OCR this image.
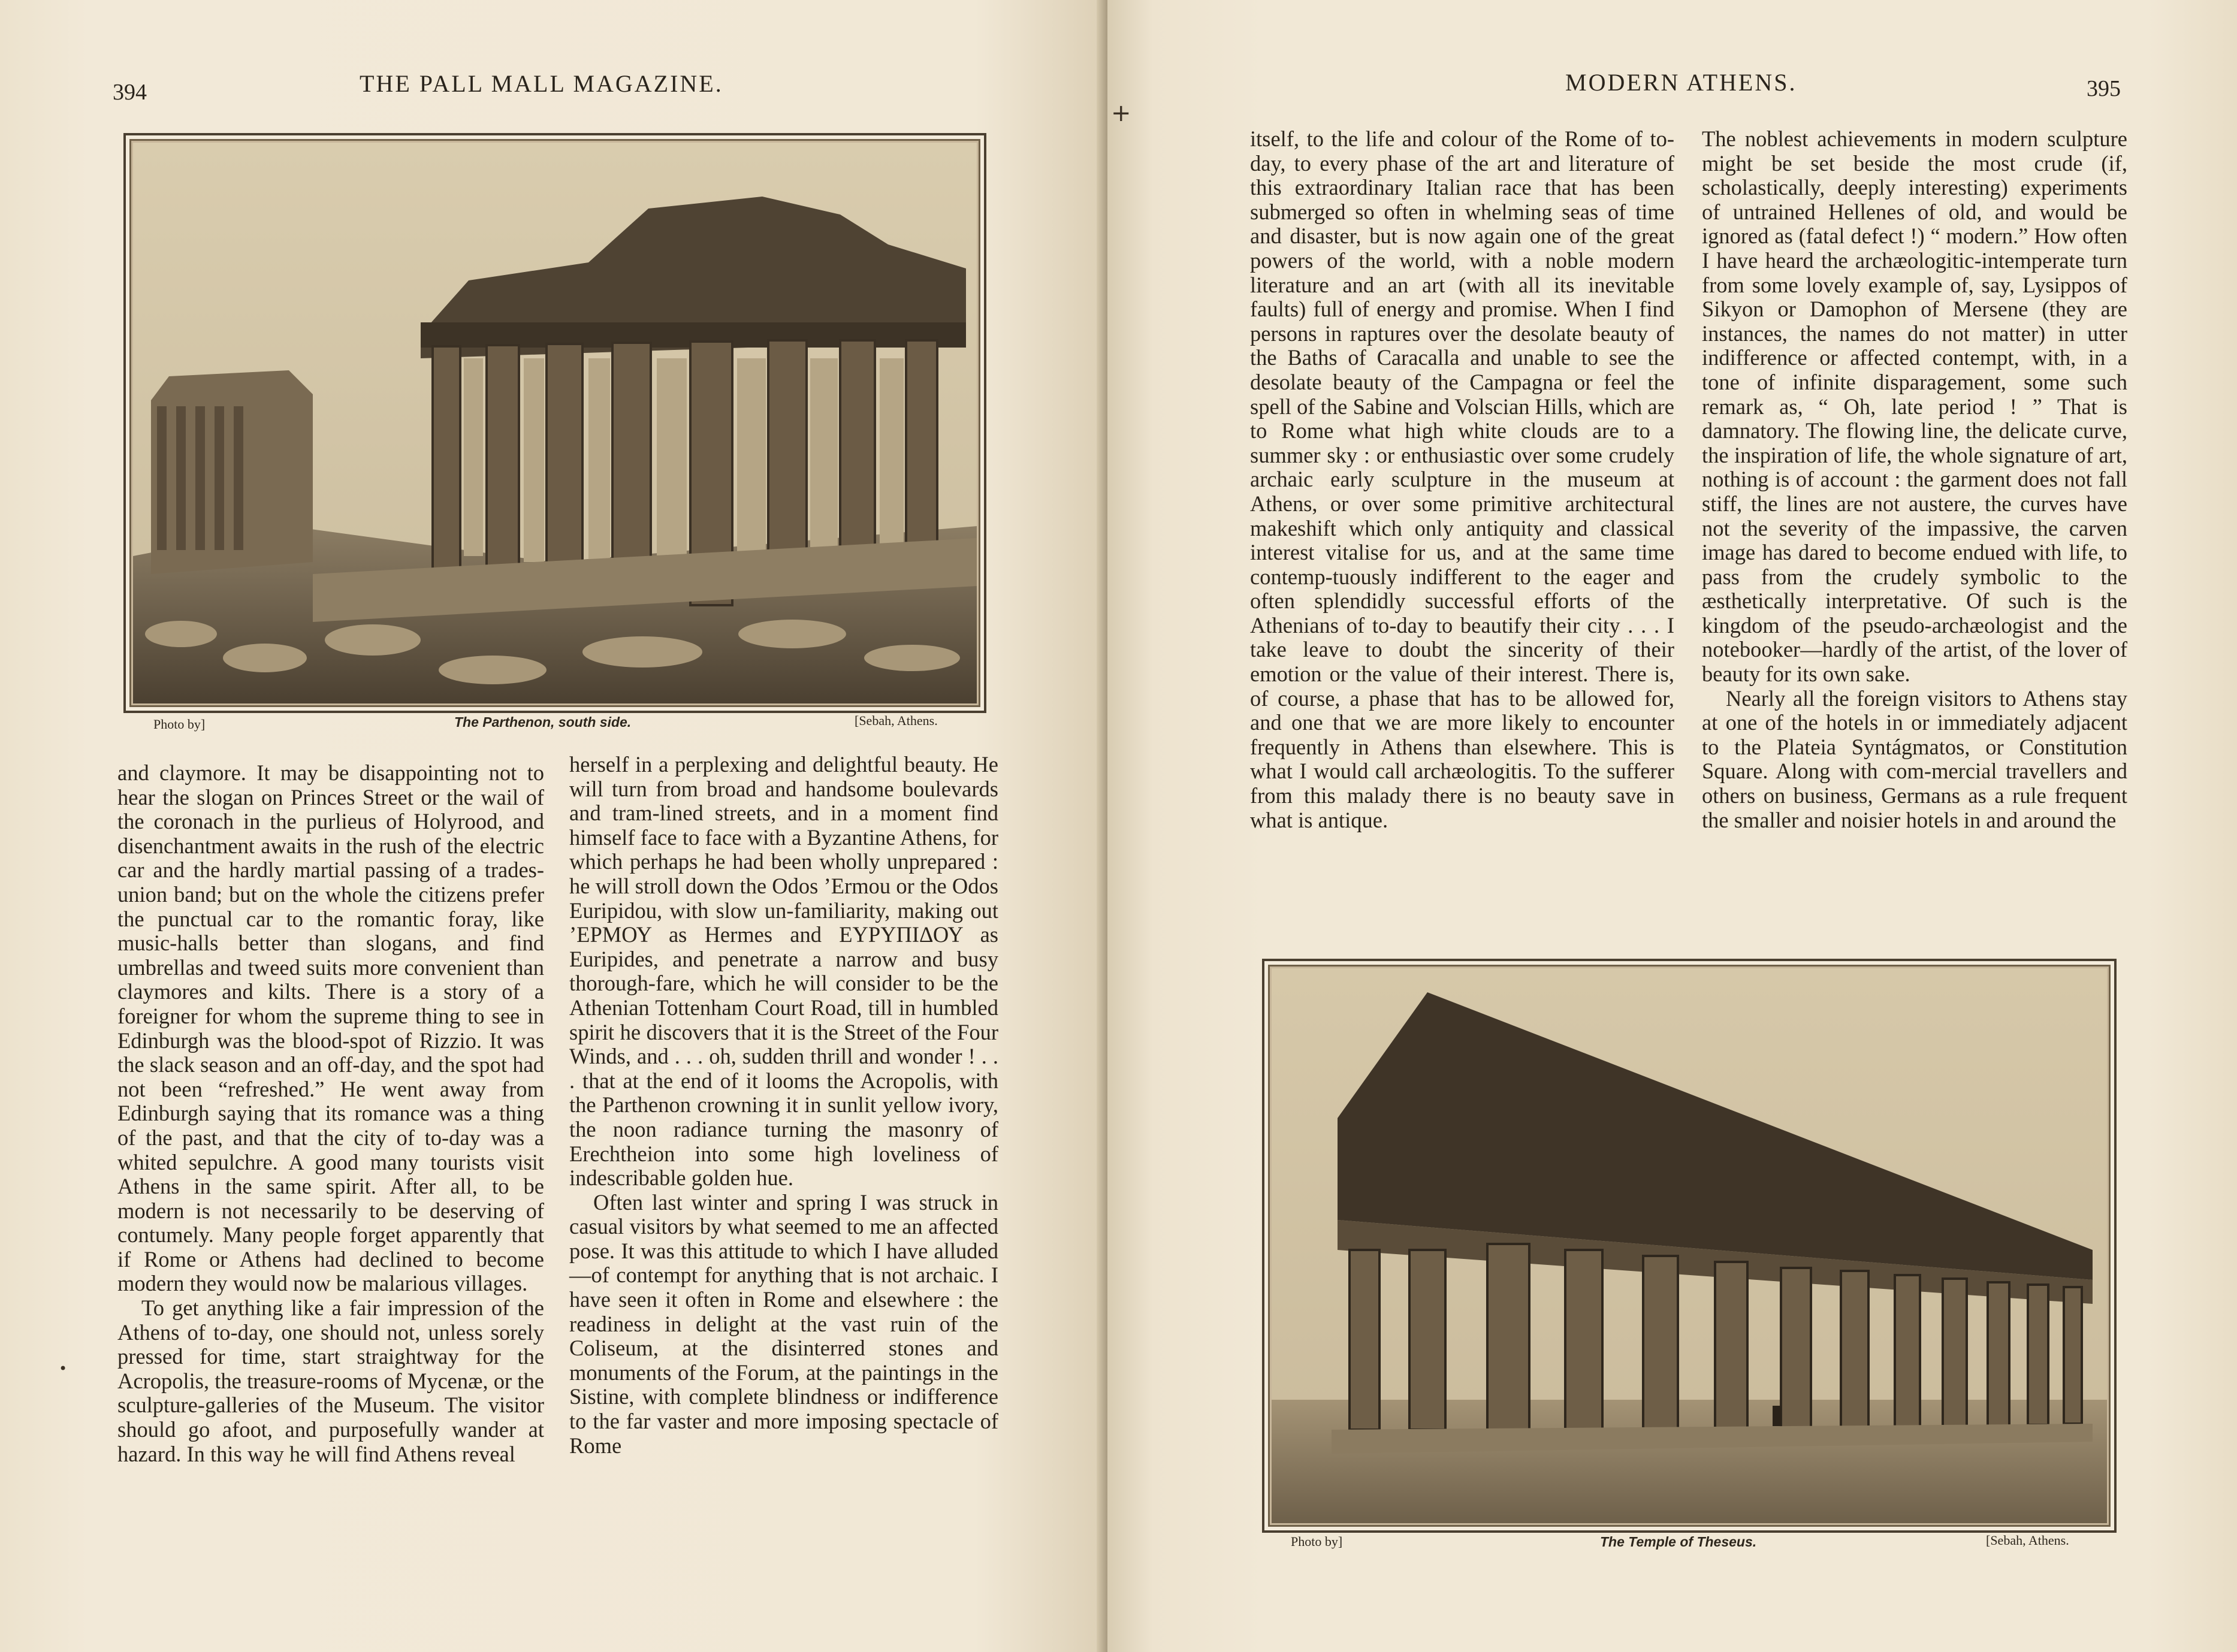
394	THE PALL MALL MAGAZINE.
Photo by]	The Parthenon, south side.	[Sebah, Athens.

and claymore. It may be disappointing not to hear the slogan on Princes Street or the wail of the coronach in the purlieus of Holyrood, and disenchantment awaits in the rush of the electric car and the hardly martial passing of a trades-union band; but on the whole the citizens prefer the punctual car to the romantic foray, like music-halls better than slogans, and find umbrellas and tweed suits more convenient than claymores and kilts. There is a story of a foreigner for whom the supreme thing to see in Edinburgh was the blood-spot of Rizzio. It was the slack season and an off-day, and the spot had not been “refreshed.” He went away from Edinburgh saying that its romance was a thing of the past, and that the city of to-day was a whited sepulchre. A good many tourists visit Athens in the same spirit. After all, to be modern is not necessarily to be deserving of contumely. Many people forget apparently that if Rome or Athens had declined to become modern they would now be malarious villages.

To get anything like a fair impression of the Athens of to-day, one should not, unless sorely pressed for time, start straightway for the Acropolis, the treasure-rooms of Mycenæ, or the sculpture-galleries of the Museum. The visitor should go afoot, and purposefully wander at hazard. In this way he will find Athens reveal

herself in a perplexing and delightful beauty. He will turn from broad and handsome boulevards and tram-lined streets, and in a moment find himself face to face with a Byzantine Athens, for which perhaps he had been wholly unprepared : he will stroll down the Odos ’Ermou or the Odos Euripidou, with slow un-familiarity, making out ’ΕΡΜΟΥ as Hermes and ΕΥΡΥΠΙΔΟΥ as Euripides, and penetrate a narrow and busy thorough-fare, which he will consider to be the Athenian Tottenham Court Road, till in humbled spirit he discovers that it is the Street of the Four Winds, and . . . oh, sudden thrill and wonder ! . . . that at the end of it looms the Acropolis, with the Parthenon crowning it in sunlit yellow ivory, the noon radiance turning the masonry of Erechtheion into some high loveliness of indescribable golden hue.

Often last winter and spring I was struck in casual visitors by what seemed to me an affected pose. It was this attitude to which I have alluded—of contempt for anything that is not archaic. I have seen it often in Rome and elsewhere : the readiness in delight at the vast ruin of the Coliseum, at the disinterred stones and monuments of the Forum, at the paintings in the Sistine, with complete blindness or indifference to the far vaster and more imposing spectacle of Rome

•
+
MODERN ATHENS.	395

itself, to the life and colour of the Rome of to-day, to every phase of the art and literature of this extraordinary Italian race that has been submerged so often in whelming seas of time and disaster, but is now again one of the great powers of the world, with a noble modern literature and an art (with all its inevitable faults) full of energy and promise. When I find persons in raptures over the desolate beauty of the Baths of Caracalla and unable to see the desolate beauty of the Campagna or feel the spell of the Sabine and Volscian Hills, which are to Rome what high white clouds are to a summer sky : or enthusiastic over some crudely archaic early sculpture in the museum at Athens, or over some primitive architectural makeshift which only antiquity and classical interest vitalise for us, and at the same time contemp-tuously indifferent to the eager and often splendidly successful efforts of the Athenians of to-day to beautify their city . . . I take leave to doubt the sincerity of their emotion or the value of their interest. There is, of course, a phase that has to be allowed for, and one that we are more likely to encounter frequently in Athens than elsewhere. This is what I would call archæologitis. To the sufferer from this malady there is no beauty save in what is antique.

The noblest achievements in modern sculpture might be set beside the most crude (if, scholastically, deeply interesting) experiments of untrained Hellenes of old, and would be ignored as (fatal defect !) “ modern.” How often I have heard the archæologitic-intemperate turn from some lovely example of, say, Lysippos of Sikyon or Damophon of Mersene (they are instances, the names do not matter) in utter indifference or affected contempt, with, in a tone of infinite disparagement, some such remark as, “ Oh, late period ! ” That is damnatory. The flowing line, the delicate curve, the inspiration of life, the whole signature of art, nothing is of account : the garment does not fall stiff, the lines are not austere, the curves have not the severity of the impassive, the carven image has dared to become endued with life, to pass from the crudely symbolic to the æsthetically interpretative. Of such is the kingdom of the pseudo-archæologist and the notebooker—hardly of the artist, of the lover of beauty for its own sake.

Nearly all the foreign visitors to Athens stay at one of the hotels in or immediately adjacent to the Plateia Syntágmatos, or Constitution Square. Along with com-mercial travellers and others on business, Germans as a rule frequent the smaller and noisier hotels in and around the

Photo by]	The Temple of Theseus.	[Sebah, Athens.
